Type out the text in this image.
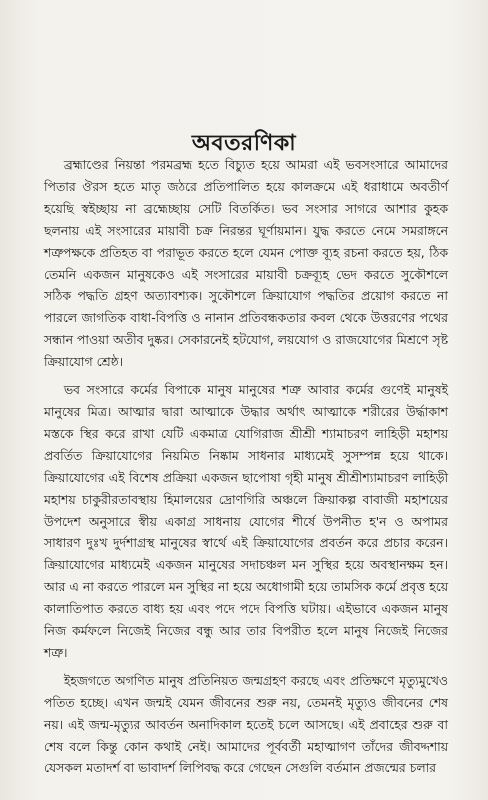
অবতরণিকা

ব্রহ্মাণ্ডের নিয়ন্তা পরমব্রহ্ম হতে বিচ্যুত হয়ে আমরা এই ভবসংসারে আমাদের পিতার ঔরস হতে মাতৃ জঠরে প্রতিপালিত হয়ে কালক্রমে এই ধরাধামে অবতীর্ণ হয়েছি স্বইচ্ছায় না ব্রহ্মেচ্ছায় সেটি বিতর্কিত। ভব সংসার সাগরে আশার কুহক ছলনায় এই সংসারের মায়াবী চক্র নিরন্তর ঘূর্ণায়মান। যুদ্ধ করতে নেমে সমরাঙ্গনে শত্রুপক্ষকে প্রতিহত বা পরাভূত করতে হলে যেমন পোক্ত ব্যূহ রচনা করতে হয়, ঠিক তেমনি একজন মানুষকেও এই সংসারের মায়াবী চক্রব্যূহ ভেদ করতে সুকৌশলে সঠিক পদ্ধতি গ্রহণ অত্যাবশ্যক। সুকৌশলে ক্রিয়াযোগ পদ্ধতির প্রয়োগ করতে না পারলে জাগতিক বাধা-বিপত্তি ও নানান প্রতিবন্ধকতার কবল থেকে উত্তরণের পথের সন্ধান পাওয়া অতীব দুষ্কর। সেকারনেই হটযোগ, লয়যোগ ও রাজযোগের মিশ্রণে সৃষ্ট ক্রিয়াযোগ শ্রেষ্ঠ।

ভব সংসারে কর্মের বিপাকে মানুষ মানুষের শত্রু আবার কর্মের গুণেই মানুষই মানুষের মিত্র। আত্মার দ্বারা আত্মাকে উদ্ধার অর্থাৎ আত্মাকে শরীরের উর্দ্ধাকাশ মস্তকে স্থির করে রাখা যেটি একমাত্র যোগিরাজ শ্রীশ্রী শ্যামাচরণ লাহিড়ী মহাশয় প্রবর্তিত ক্রিয়াযোগের নিয়মিত নিষ্কাম সাধনার মাধ্যমেই সুসম্পন্ন হয়ে থাকে। ক্রিয়াযোগের এই বিশেষ প্রক্রিয়া একজন ছাপোষা গৃহী মানুষ শ্রীশ্রীশ্যামাচরণ লাহিড়ী মহাশয় চাকুরীরতাবস্থায় হিমালয়ের দ্রোণগিরি অঞ্চলে ক্রিয়াকল্প বাবাজী মহাশয়ের উপদেশ অনুসারে স্বীয় একাগ্র সাধনায় যোগের শীর্ষে উপনীত হ'ন ও অপামর সাধারণ দুঃখ দুর্দশাগ্রস্থ মানুষের স্বার্থে এই ক্রিয়াযোগের প্রবর্তন করে প্রচার করেন। ক্রিয়াযোগের মাধ্যমেই একজন মানুষের সদাচঞ্চল মন সুস্থির হয়ে অবস্থানক্ষম হন। আর এ না করতে পারলে মন সুস্থির না হয়ে অধোগামী হয়ে তামসিক কর্মে প্রবৃত্ত হয়ে কালাতিপাত করতে বাধ্য হয় এবং পদে পদে বিপত্তি ঘটায়। এইভাবে একজন মানুষ নিজ কর্মফলে নিজেই নিজের বন্ধু আর তার বিপরীত হলে মানুষ নিজেই নিজের শত্রু।

ইহজগতে অগণিত মানুষ প্রতিনিয়ত জন্মগ্রহণ করছে এবং প্রতিক্ষণে মৃত্যুমুখেও পতিত হচ্ছে। এখন জন্মই যেমন জীবনের শুরু নয়, তেমনই মৃত্যুও জীবনের শেষ নয়। এই জন্ম-মৃত্যুর আবর্তন অনাদিকাল হতেই চলে আসছে। এই প্রবাহের শুরু বা শেষ বলে কিন্তু কোন কথাই নেই। আমাদের পূর্ববর্তী মহাত্মাগণ তাঁদের জীবদ্দশায় যেসকল মতাদর্শ বা ভাবাদর্শ লিপিবদ্ধ করে গেছেন সেগুলি বর্তমান প্রজন্মের চলার
